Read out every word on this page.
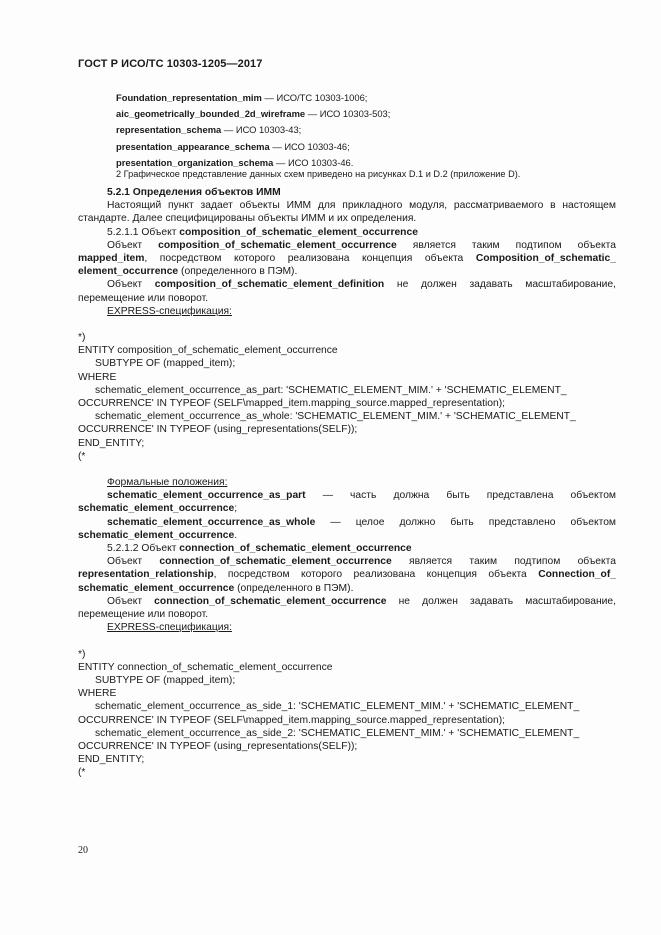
ГОСТ Р ИСО/ТС 10303-1205—2017
Foundation_representation_mim — ИСО/ТС 10303-1006;
aic_geometrically_bounded_2d_wireframe — ИСО 10303-503;
representation_schema — ИСО 10303-43;
presentation_appearance_schema — ИСО 10303-46;
presentation_organization_schema — ИСО 10303-46.
2 Графическое представление данных схем приведено на рисунках D.1 и D.2 (приложение D).

5.2.1 Определения объектов ИММ

Настоящий пункт задает объекты ИММ для прикладного модуля, рассматриваемого в настоящем

стандарте. Далее специфицированы объекты ИММ и их определения.

5.2.1.1 Объект composition_of_schematic_element_occurrence

Объект composition_of_schematic_element_occurrence является таким подтипом объекта

mapped_item, посредством которого реализована концепция объекта Composition_of_schematic_

element_occurrence (определенного в ПЭМ).

Объект composition_of_schematic_element_definition не должен задавать масштабирование,

перемещение или поворот.

EXPRESS-спецификация:

*)

ENTITY composition_of_schematic_element_occurrence

SUBTYPE OF (mapped_item);

WHERE

schematic_element_occurrence_as_part: 'SCHEMATIC_ELEMENT_MIM.' + 'SCHEMATIC_ELEMENT_

OCCURRENCE' IN TYPEOF (SELF\mapped_item.mapping_source.mapped_representation);

schematic_element_occurrence_as_whole: 'SCHEMATIC_ELEMENT_MIM.' + 'SCHEMATIC_ELEMENT_

OCCURRENCE' IN TYPEOF (using_representations(SELF));

END_ENTITY;

(*

Формальные положения:

schematic_element_occurrence_as_part — часть должна быть представлена объектом

schematic_element_occurrence;

schematic_element_occurrence_as_whole — целое должно быть представлено объектом

schematic_element_occurrence.

5.2.1.2 Объект connection_of_schematic_element_occurrence

Объект connection_of_schematic_element_occurrence является таким подтипом объекта

representation_relationship, посредством которого реализована концепция объекта Connection_of_

schematic_element_occurrence (определенного в ПЭМ).

Объект connection_of_schematic_element_occurrence не должен задавать масштабирование,

перемещение или поворот.

EXPRESS-спецификация:

*)

ENTITY connection_of_schematic_element_occurrence

SUBTYPE OF (mapped_item);

WHERE

schematic_element_occurrence_as_side_1: 'SCHEMATIC_ELEMENT_MIM.' + 'SCHEMATIC_ELEMENT_

OCCURRENCE' IN TYPEOF (SELF\mapped_item.mapping_source.mapped_representation);

schematic_element_occurrence_as_side_2: 'SCHEMATIC_ELEMENT_MIM.' + 'SCHEMATIC_ELEMENT_

OCCURRENCE' IN TYPEOF (using_representations(SELF));

END_ENTITY;

(*

20
